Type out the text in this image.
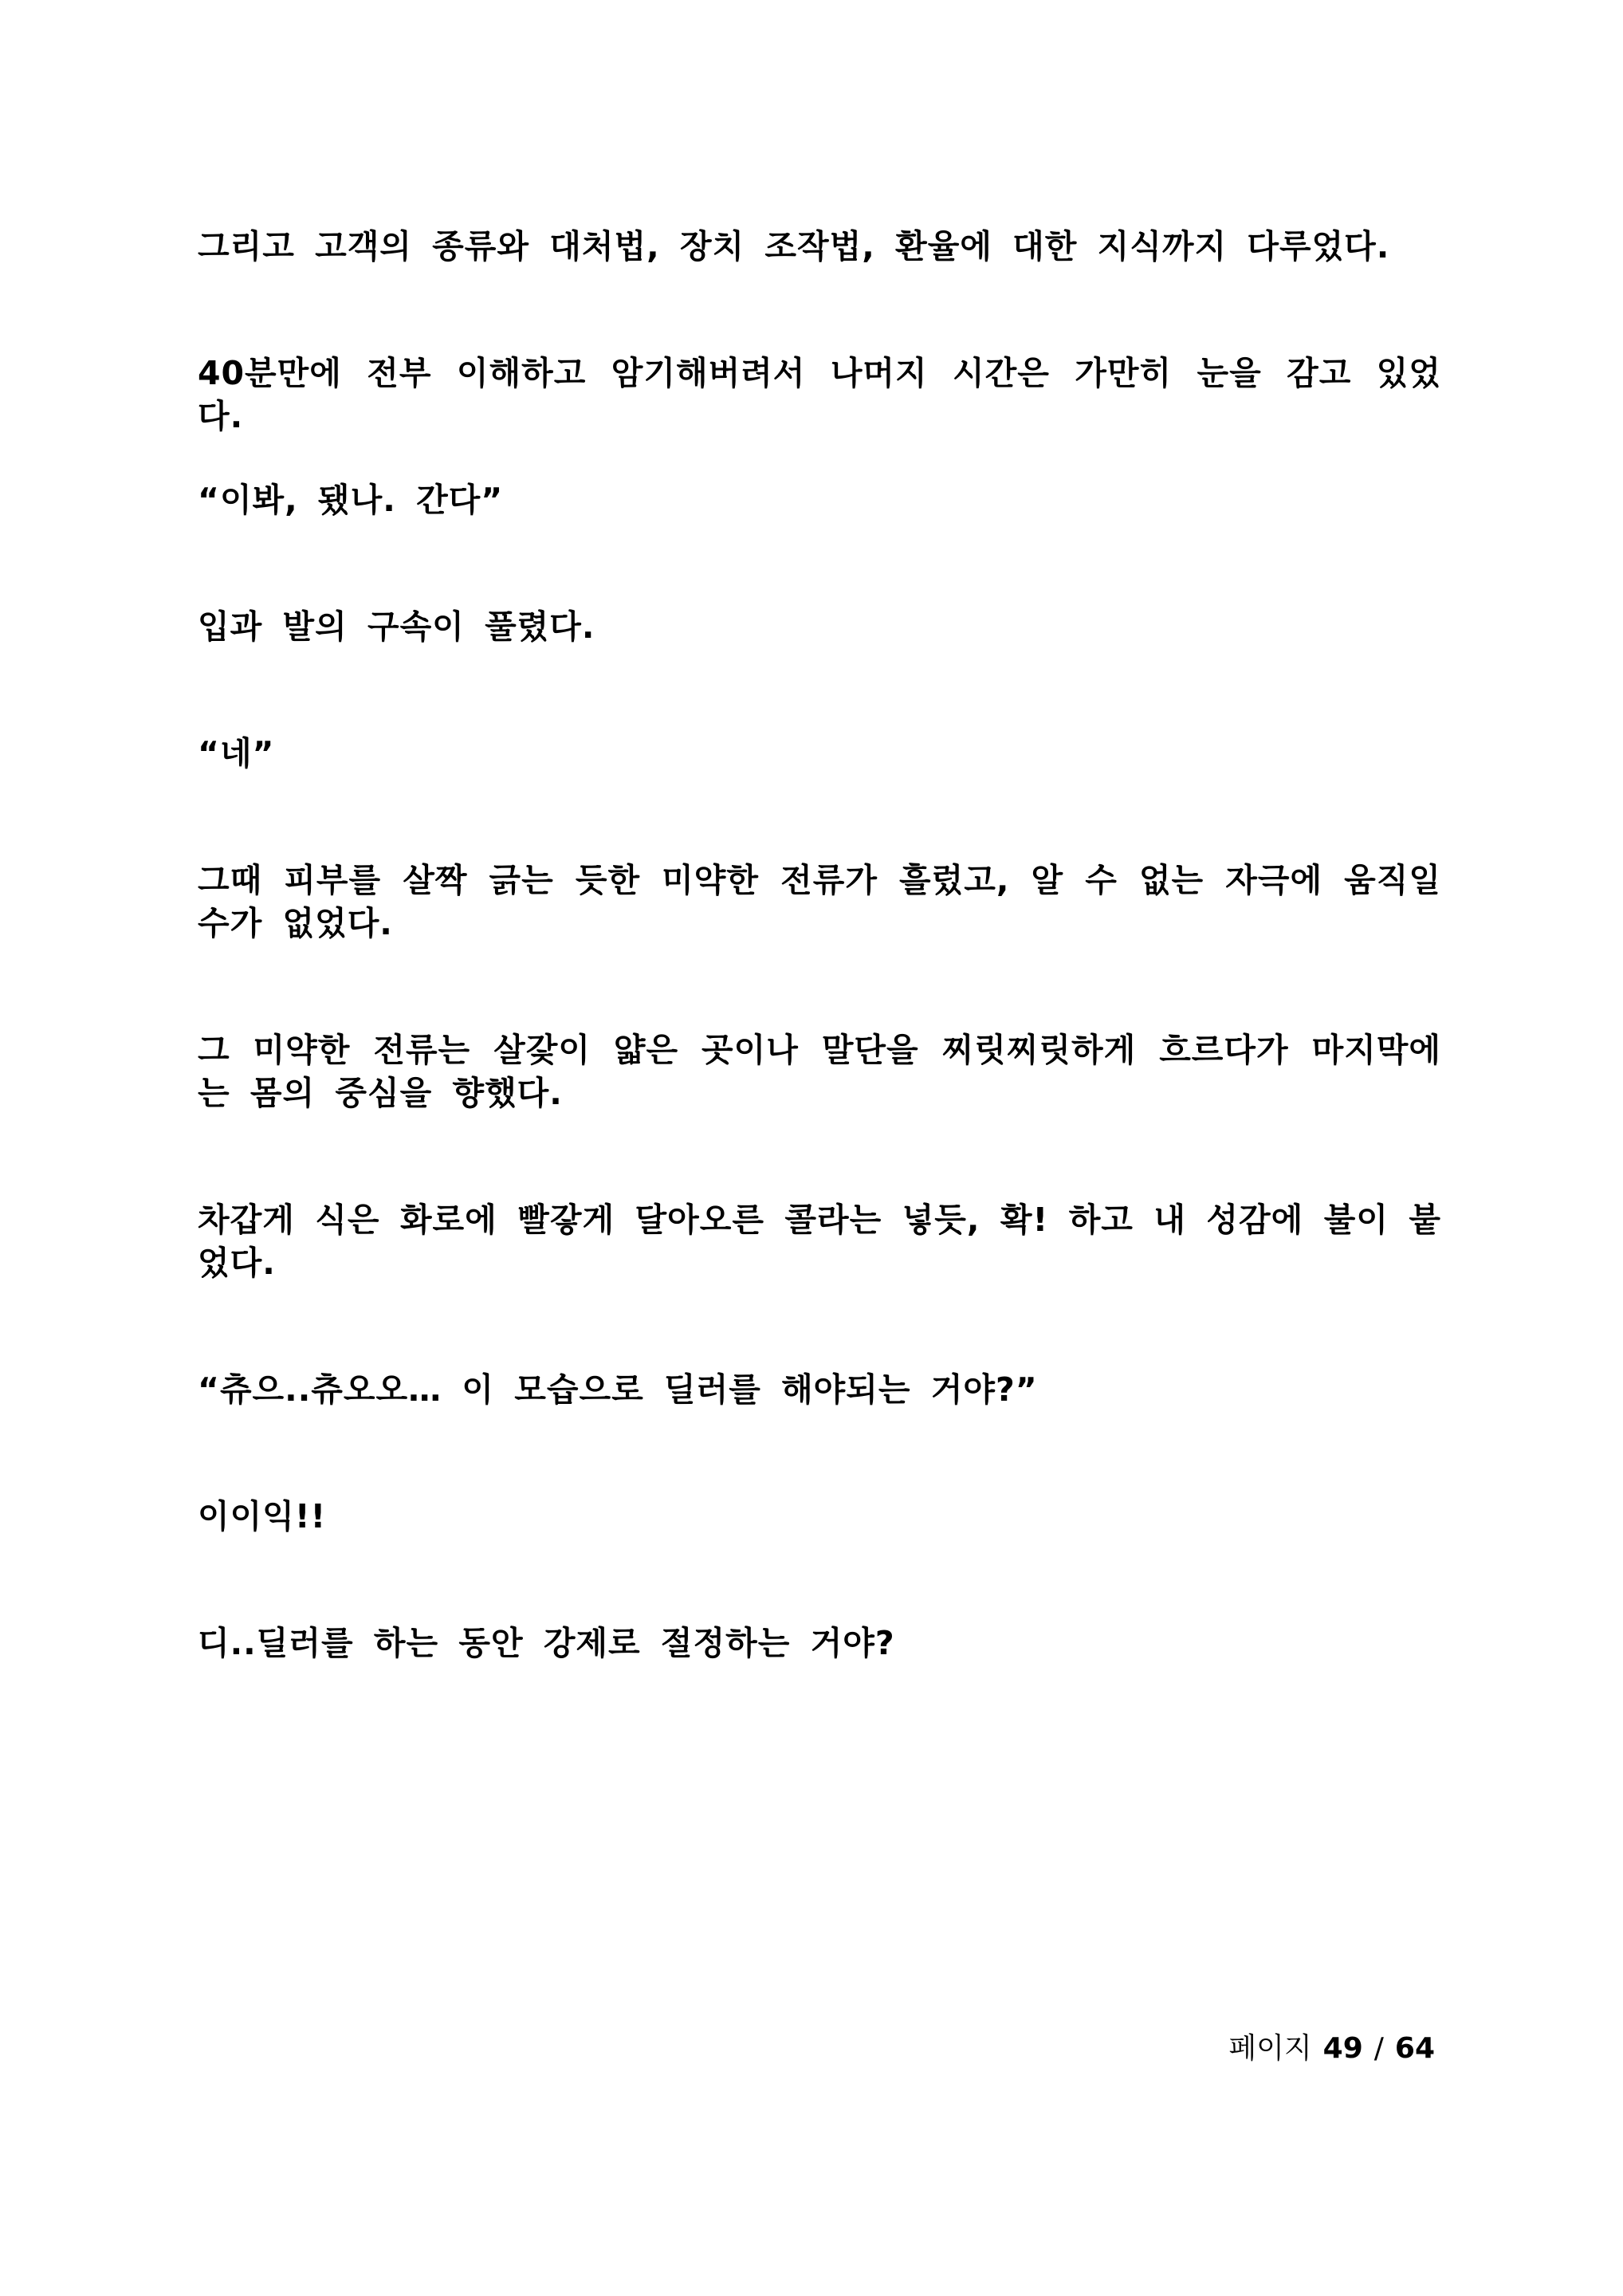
그리고 고객의 종류와 대처법, 장치 조작법, 환율에 대한 지식까지 다루었다.

40분만에 전부 이해하고 암기해버려서 나머지 시간은 가만히 눈을 감고 있었다.

“이봐, 됐나. 간다”

입과 발의 구속이 풀렸다.

“네”

그때 피부를 살짝 긁는 듯한 미약한 전류가 흘렀고, 알 수 없는 자극에 움직일 수가 없었다.

그 미약한 전류는 살갗이 얇은 곳이나 말단을 찌릿찌릿하게 흐르다가 마지막에는 몸의 중심을 향했다.

차갑게 식은 화로에 빨갛게 달아오른 콜라는 넣듯, 확! 하고 내 성감에 불이 붙었다.

“츄으..츄오오… 이 모습으로 딜러를 해야되는 거야?”

이이익!!

디..딜러를 하는 동안 강제로 절정하는 거야?

페이지 49 / 64
